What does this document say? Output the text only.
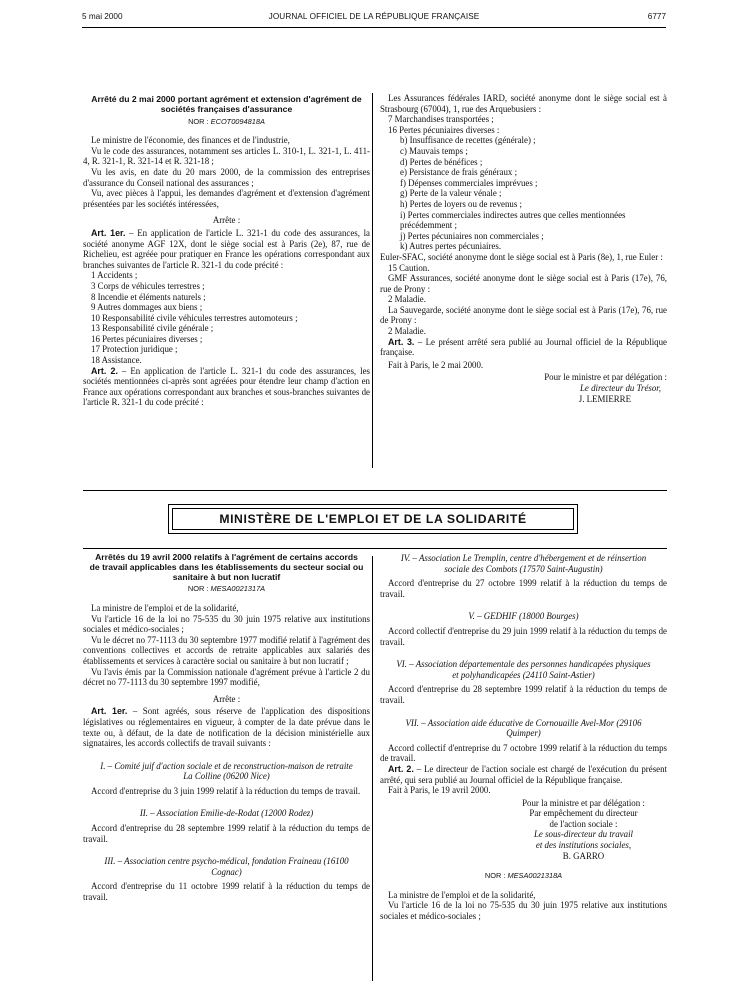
5 mai 2000	JOURNAL OFFICIEL DE LA RÉPUBLIQUE FRANÇAISE	6777
Arrêté du 2 mai 2000 portant agrément et extension d'agrément de sociétés françaises d'assurance
NOR : ECOT0094818A

Le ministre de l'économie, des finances et de l'industrie,

Vu le code des assurances, notamment ses articles L. 310-1, L. 321-1, L. 411-4, R. 321-1, R. 321-14 et R. 321-18 ;

Vu les avis, en date du 20 mars 2000, de la commission des entreprises d'assurance du Conseil national des assurances ;

Vu, avec pièces à l'appui, les demandes d'agrément et d'extension d'agrément présentées par les sociétés intéressées,

Arrête :

Art. 1er. – En application de l'article L. 321-1 du code des assurances, la société anonyme AGF 12X, dont le siège social est à Paris (2e), 87, rue de Richelieu, est agréée pour pratiquer en France les opérations correspondant aux branches suivantes de l'article R. 321-1 du code précité :

1 Accidents ;
3 Corps de véhicules terrestres ;
8 Incendie et éléments naturels ;
9 Autres dommages aux biens ;
10 Responsabilité civile véhicules terrestres automoteurs ;
13 Responsabilité civile générale ;
16 Pertes pécuniaires diverses ;
17 Protection juridique ;
18 Assistance.

Art. 2. – En application de l'article L. 321-1 du code des assurances, les sociétés mentionnées ci-après sont agréées pour étendre leur champ d'action en France aux opérations correspondant aux branches et sous-branches suivantes de l'article R. 321-1 du code précité :

Les Assurances fédérales IARD, société anonyme dont le siège social est à Strasbourg (67004), 1, rue des Arquebusiers :

7 Marchandises transportées ;
16 Pertes pécuniaires diverses :
b) Insuffisance de recettes (générale) ;
c) Mauvais temps ;
d) Pertes de bénéfices ;
e) Persistance de frais généraux ;
f) Dépenses commerciales imprévues ;
g) Perte de la valeur vénale ;
h) Pertes de loyers ou de revenus ;
i) Pertes commerciales indirectes autres que celles mentionnées précédemment ;
j) Pertes pécuniaires non commerciales ;
k) Autres pertes pécuniaires.

Euler-SFAC, société anonyme dont le siège social est à Paris (8e), 1, rue Euler :

15 Caution.

GMF Assurances, société anonyme dont le siège social est à Paris (17e), 76, rue de Prony :

2 Maladie.

La Sauvegarde, société anonyme dont le siège social est à Paris (17e), 76, rue de Prony :

2 Maladie.

Art. 3. – Le présent arrêté sera publié au Journal officiel de la République française.

Fait à Paris, le 2 mai 2000.

Pour le ministre et par délégation :
Le directeur du Trésor,
J. LEMIERRE
MINISTÈRE DE L'EMPLOI ET DE LA SOLIDARITÉ
Arrêtés du 19 avril 2000 relatifs à l'agrément de certains accords de travail applicables dans les établissements du secteur social ou sanitaire à but non lucratif
NOR : MESA0021317A

La ministre de l'emploi et de la solidarité,

Vu l'article 16 de la loi no 75-535 du 30 juin 1975 relative aux institutions sociales et médico-sociales ;

Vu le décret no 77-1113 du 30 septembre 1977 modifié relatif à l'agrément des conventions collectives et accords de retraite applicables aux salariés des établissements et services à caractère social ou sanitaire à but non lucratif ;

Vu l'avis émis par la Commission nationale d'agrément prévue à l'article 2 du décret no 77-1113 du 30 septembre 1997 modifié,

Arrête :

Art. 1er. – Sont agréés, sous réserve de l'application des dispositions législatives ou réglementaires en vigueur, à compter de la date prévue dans le texte ou, à défaut, de la date de notification de la décision ministérielle aux signataires, les accords collectifs de travail suivants :

I. – Comité juif d'action sociale et de reconstruction-maison de retraite La Colline (06200 Nice)

Accord d'entreprise du 3 juin 1999 relatif à la réduction du temps de travail.

II. – Association Emilie-de-Rodat (12000 Rodez)

Accord d'entreprise du 28 septembre 1999 relatif à la réduction du temps de travail.

III. – Association centre psycho-médical, fondation Fraineau (16100 Cognac)

Accord d'entreprise du 11 octobre 1999 relatif à la réduction du temps de travail.

IV. – Association Le Tremplin, centre d'hébergement et de réinsertion sociale des Combots (17570 Saint-Augustin)

Accord d'entreprise du 27 octobre 1999 relatif à la réduction du temps de travail.

V. – GEDHIF (18000 Bourges)

Accord collectif d'entreprise du 29 juin 1999 relatif à la réduction du temps de travail.

VI. – Association départementale des personnes handicapées physiques et polyhandicapées (24110 Saint-Astier)

Accord d'entreprise du 28 septembre 1999 relatif à la réduction du temps de travail.

VII. – Association aide éducative de Cornouaille Avel-Mor (29106 Quimper)

Accord collectif d'entreprise du 7 octobre 1999 relatif à la réduction du temps de travail.

Art. 2. – Le directeur de l'action sociale est chargé de l'exécution du présent arrêté, qui sera publié au Journal officiel de la République française.

Fait à Paris, le 19 avril 2000.

Pour la ministre et par délégation :
Par empêchement du directeur
de l'action sociale :
Le sous-directeur du travail
et des institutions sociales,
B. GARRO
NOR : MESA0021318A

La ministre de l'emploi et de la solidarité,

Vu l'article 16 de la loi no 75-535 du 30 juin 1975 relative aux institutions sociales et médico-sociales ;
